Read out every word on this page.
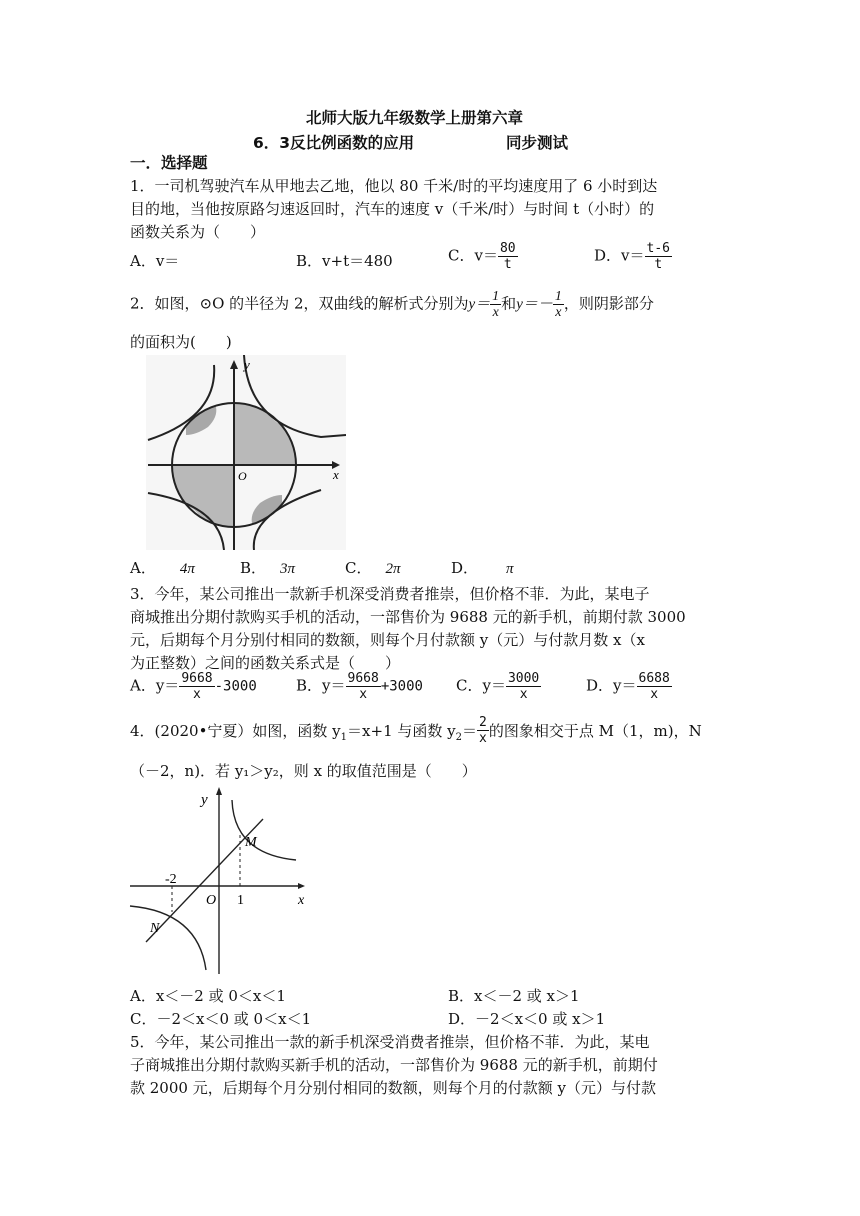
北师大版九年级数学上册第六章
6．3反比例函数的应用	同步测试
一．选择题
1．一司机驾驶汽车从甲地去乙地，他以 80 千米/时的平均速度用了 6 小时到达
目的地，当他按原路匀速返回时，汽车的速度 v（千米/时）与时间 t（小时）的
函数关系为（　　）
A．v＝	B．v+t＝480	C．$v= \frac{80}{t}$	D．$v= \frac{t-6}{t}$
2．如图，⊙O 的半径为 2，双曲线的解析式分别为$y= \frac{1}{x}$ 和$y=- \frac{1}{x}$ ，则阴影部分
的面积为(　　)
y
x
O
A． 4π	B． 3π	C． 2π	D． π
3．今年，某公司推出一款新手机深受消费者推崇，但价格不菲．为此，某电子
商城推出分期付款购买手机的活动，一部售价为 9688 元的新手机，前期付款 3000
元，后期每个月分别付相同的数额，则每个月付款额 y（元）与付款月数 x（x
为正整数）之间的函数关系式是（　　）
A．$y= \frac{9668}{x} -3000$	B．$y= \frac{9668}{x} +3000$ C．$y= \frac{3000}{x}$	D．$y= \frac{6688}{x}$
4．(2020•宁夏）如图，函数 $y_1=x+1$ 与函数 $y_2= \frac{2}{x}$ 的图象相交于点 M（1，m)，N
（－2，n)．若 y₁＞y₂，则 x 的取值范围是（　　）
y
x
O
M
N
-2
1
A．x＜－2 或 0＜x＜1	B．x＜－2 或 x＞1
C．－2＜x＜0 或 0＜x＜1	D．－2＜x＜0 或 x＞1
5．今年，某公司推出一款的新手机深受消费者推崇，但价格不菲．为此，某电
子商城推出分期付款购买新手机的活动，一部售价为 9688 元的新手机，前期付
款 2000 元，后期每个月分别付相同的数额，则每个月的付款额 y（元）与付款
